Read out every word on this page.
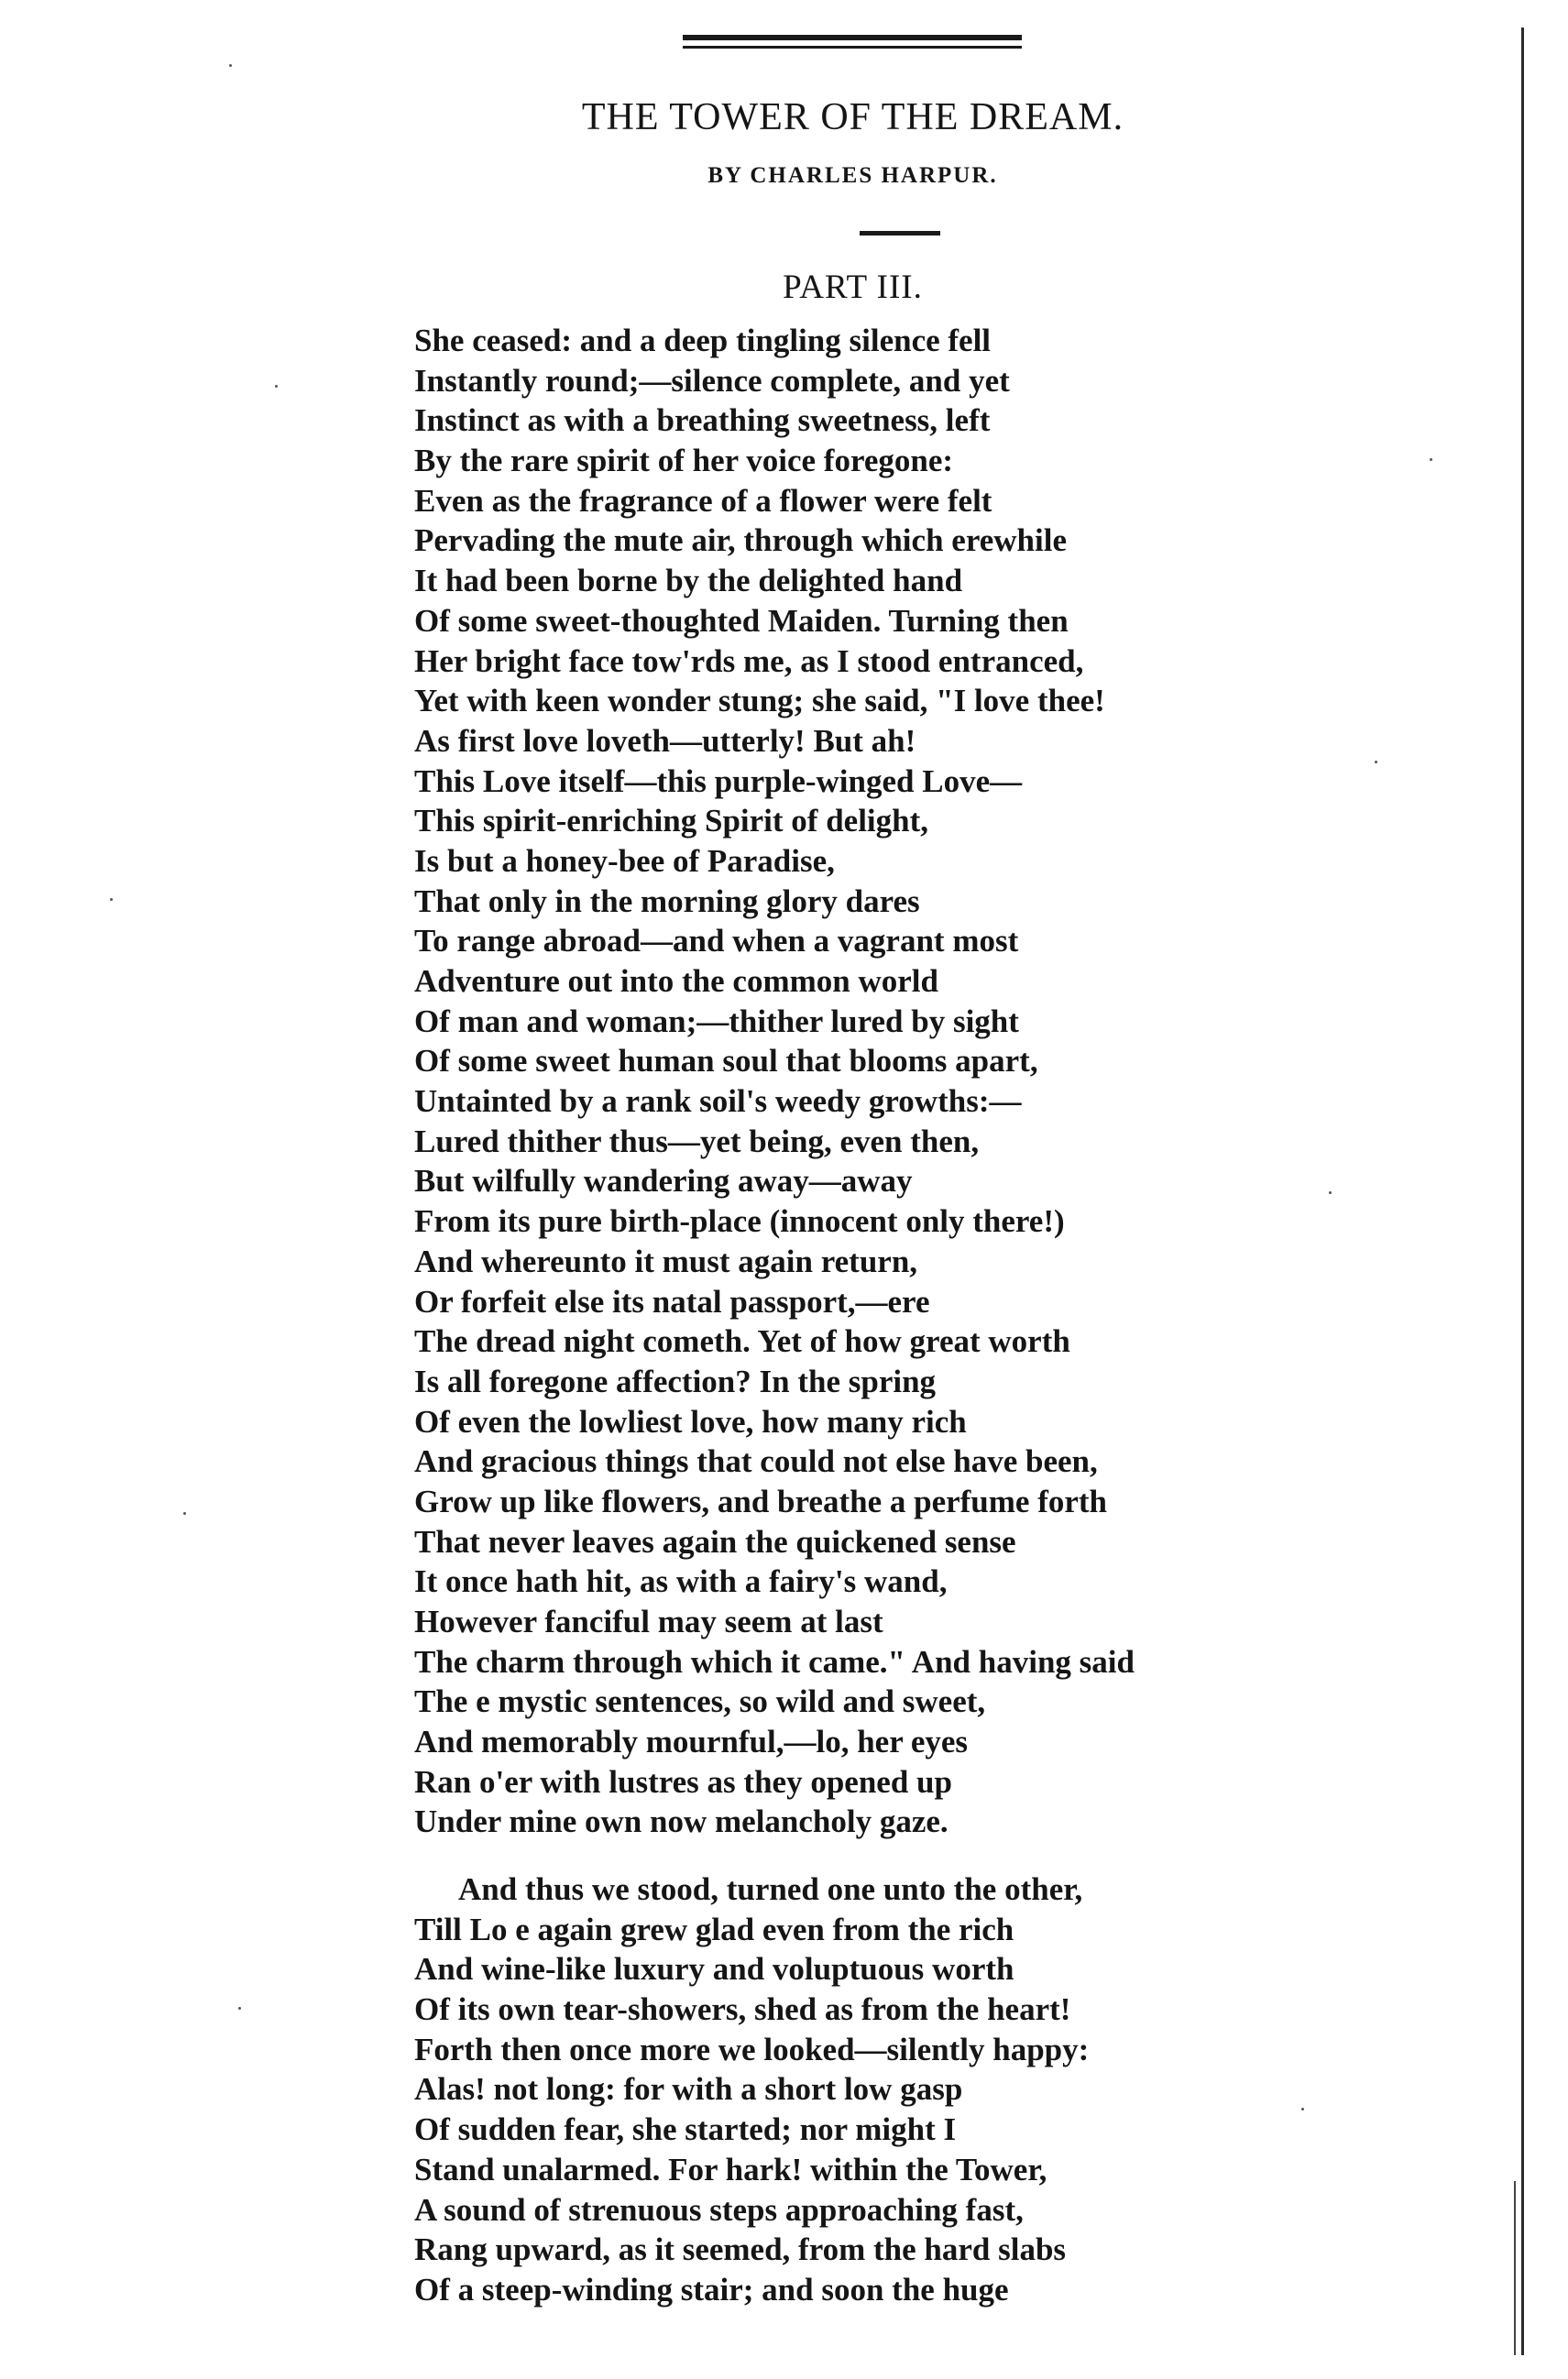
THE TOWER OF THE DREAM.
BY CHARLES HARPUR.
PART III.
She ceased: and a deep tingling silence fell
Instantly round;—silence complete, and yet
Instinct as with a breathing sweetness, left
By the rare spirit of her voice foregone:
Even as the fragrance of a flower were felt
Pervading the mute air, through which erewhile
It had been borne by the delighted hand
Of some sweet-thoughted Maiden. Turning then
Her bright face tow'rds me, as I stood entranced,
Yet with keen wonder stung; she said, "I love thee!
As first love loveth—utterly! But ah!
This Love itself—this purple-winged Love—
This spirit-enriching Spirit of delight,
Is but a honey-bee of Paradise,
That only in the morning glory dares
To range abroad—and when a vagrant most
Adventure out into the common world
Of man and woman;—thither lured by sight
Of some sweet human soul that blooms apart,
Untainted by a rank soil's weedy growths:—
Lured thither thus—yet being, even then,
But wilfully wandering away—away
From its pure birth-place (innocent only there!)
And whereunto it must again return,
Or forfeit else its natal passport,—ere
The dread night cometh. Yet of how great worth
Is all foregone affection? In the spring
Of even the lowliest love, how many rich
And gracious things that could not else have been,
Grow up like flowers, and breathe a perfume forth
That never leaves again the quickened sense
It once hath hit, as with a fairy's wand,
However fanciful may seem at last
The charm through which it came." And having said
The e mystic sentences, so wild and sweet,
And memorably mournful,—lo, her eyes
Ran o'er with lustres as they opened up
Under mine own now melancholy gaze.
And thus we stood, turned one unto the other,
Till Lo e again grew glad even from the rich
And wine-like luxury and voluptuous worth
Of its own tear-showers, shed as from the heart!
Forth then once more we looked—silently happy:
Alas! not long: for with a short low gasp
Of sudden fear, she started; nor might I
Stand unalarmed. For hark! within the Tower,
A sound of strenuous steps approaching fast,
Rang upward, as it seemed, from the hard slabs
Of a steep-winding stair; and soon the huge
